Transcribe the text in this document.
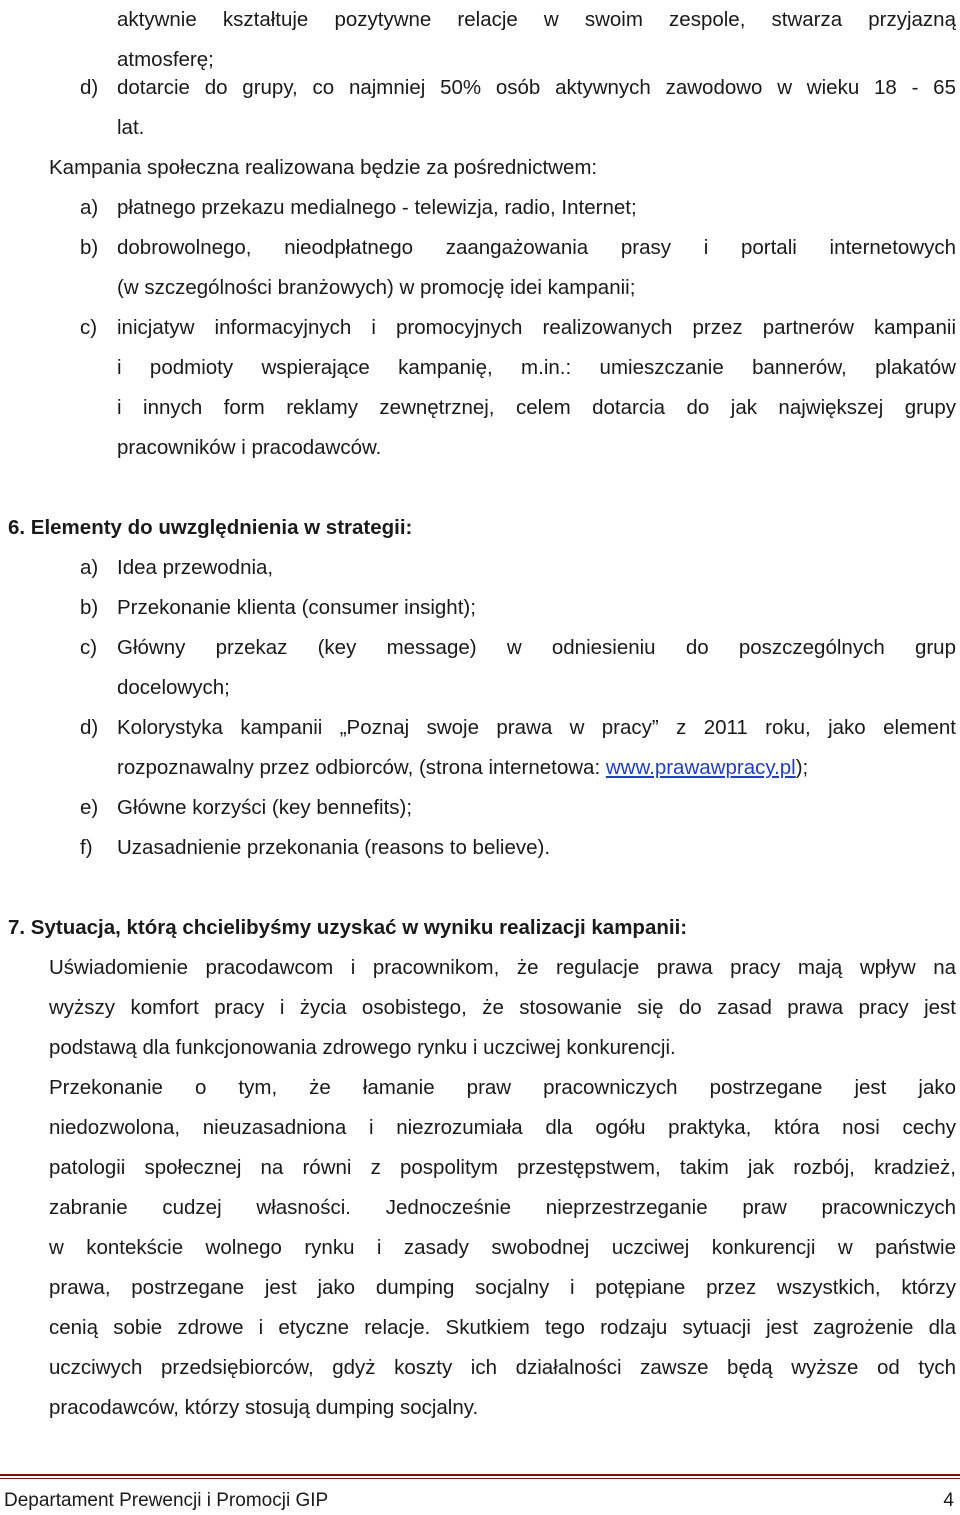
aktywnie kształtuje pozytywne relacje w swoim zespole, stwarza przyjazną
atmosferę;
d) dotarcie do grupy, co najmniej 50% osób aktywnych zawodowo w wieku 18 - 65
lat.
Kampania społeczna realizowana będzie za pośrednictwem:
a) płatnego przekazu medialnego - telewizja, radio, Internet;
b) dobrowolnego, nieodpłatnego zaangażowania prasy i portali internetowych
(w szczególności branżowych) w promocję idei kampanii;
c) inicjatyw informacyjnych i promocyjnych realizowanych przez partnerów kampanii
i podmioty wspierające kampanię, m.in.: umieszczanie bannerów, plakatów
i innych form reklamy zewnętrznej, celem dotarcia do jak największej grupy
pracowników i pracodawców.
6. Elementy do uwzględnienia w strategii:
a) Idea przewodnia,
b) Przekonanie klienta (consumer insight);
c) Główny przekaz (key message) w odniesieniu do poszczególnych grup
docelowych;
d) Kolorystyka kampanii „Poznaj swoje prawa w pracy” z 2011 roku, jako element
rozpoznawalny przez odbiorców, (strona internetowa: www.prawawpracy.pl);
e) Główne korzyści (key bennefits);
f) Uzasadnienie przekonania (reasons to believe).
7. Sytuacja, którą chcielibyśmy uzyskać w wyniku realizacji kampanii:
Uświadomienie pracodawcom i pracownikom, że regulacje prawa pracy mają wpływ na
wyższy komfort pracy i życia osobistego, że stosowanie się do zasad prawa pracy jest
podstawą dla funkcjonowania zdrowego rynku i uczciwej konkurencji.
Przekonanie o tym, że łamanie praw pracowniczych postrzegane jest jako
niedozwolona, nieuzasadniona i niezrozumiała dla ogółu praktyka, która nosi cechy
patologii społecznej na równi z pospolitym przestępstwem, takim jak rozbój, kradzież,
zabranie cudzej własności. Jednocześnie nieprzestrzeganie praw pracowniczych
w kontekście wolnego rynku i zasady swobodnej uczciwej konkurencji w państwie
prawa, postrzegane jest jako dumping socjalny i potępiane przez wszystkich, którzy
cenią sobie zdrowe i etyczne relacje. Skutkiem tego rodzaju sytuacji jest zagrożenie dla
uczciwych przedsiębiorców, gdyż koszty ich działalności zawsze będą wyższe od tych
pracodawców, którzy stosują dumping socjalny.
Departament Prewencji i Promocji GIP	4
